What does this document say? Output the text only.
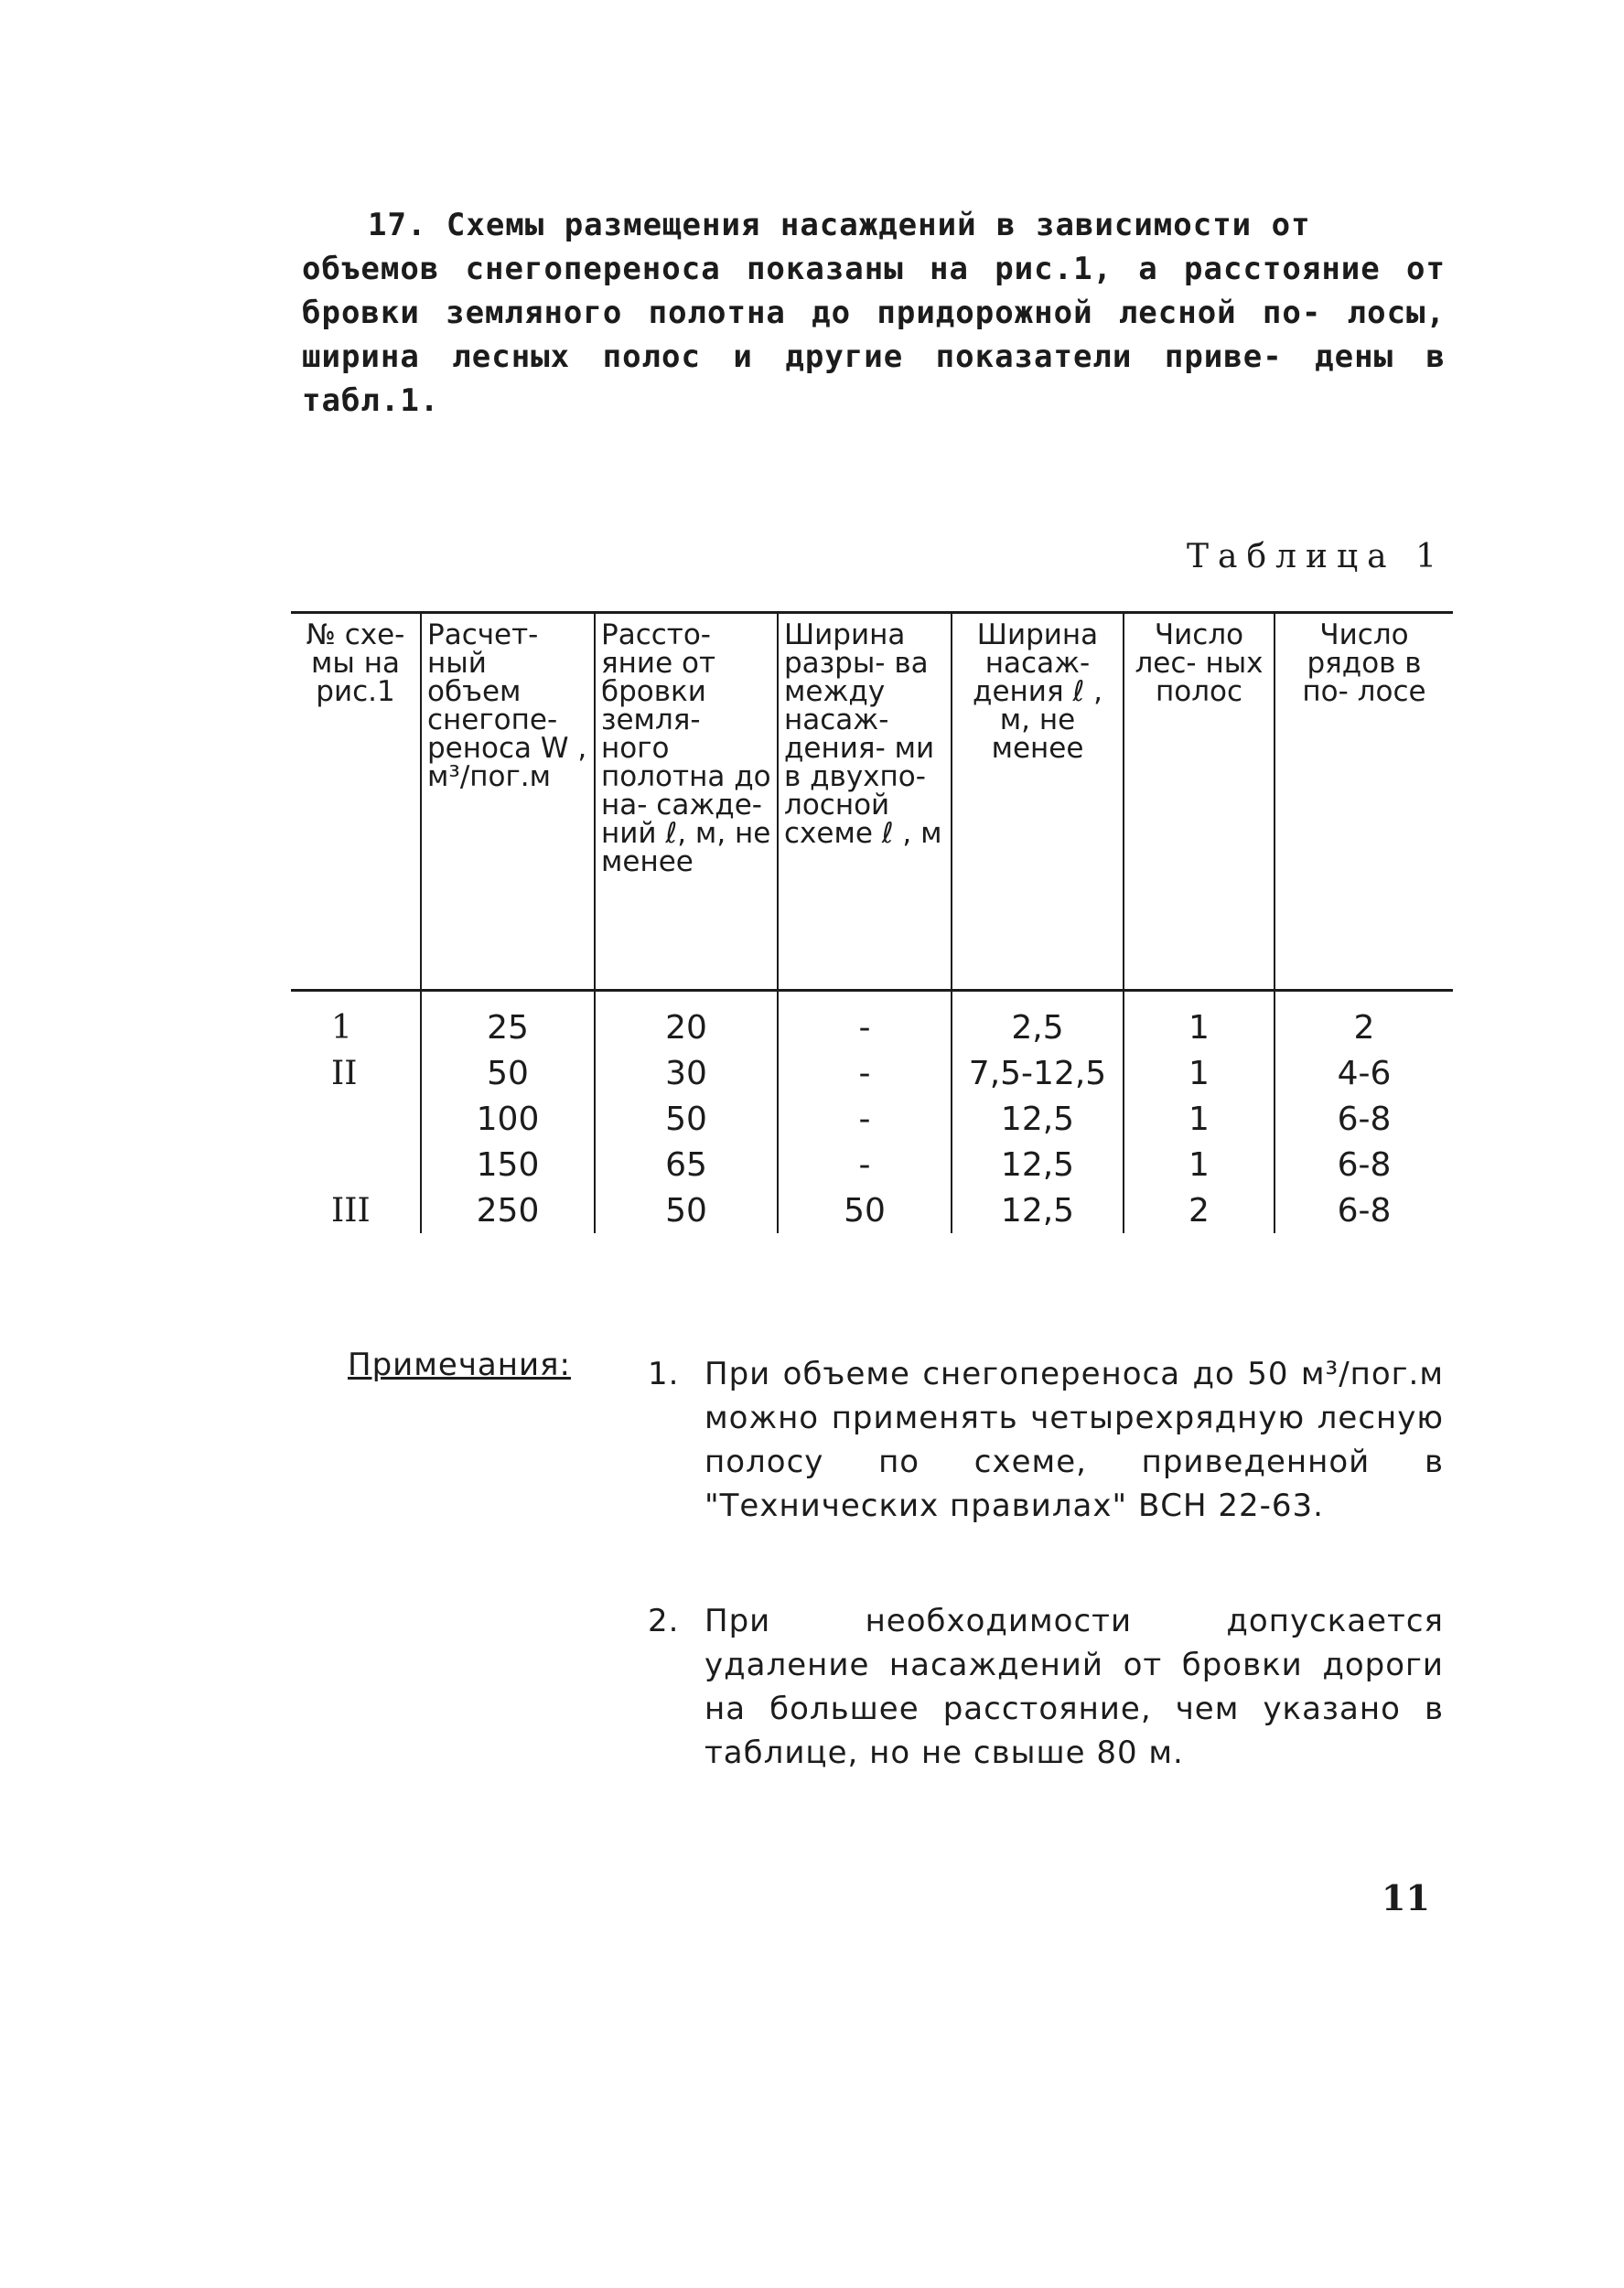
17. Схемы размещения насаждений в зависимости от
объемов снегопереноса показаны на рис.1, а расстояние от бровки земляного полотна до придорожной лесной по- лосы, ширина лесных полос и другие показатели приве- дены в табл.1.
Таблица 1
№ схе- мы на рис.1	Расчет- ный объем снегопе- реноса W , м³/пог.м	Рассто- яние от бровки земля- ного полотна до на- сажде- ний ℓ, м, не менее	Ширина разры- ва между насаж- дения- ми в двухпо- лосной схеме ℓ , м	Ширина насаж- дения ℓ , м, не менее	Число лес- ных полос	Число рядов в по- лосе
1	25	20	-	2,5	1	2
II	50	30	-	7,5-12,5	1	4-6
	100	50	-	12,5	1	6-8
	150	65	-	12,5	1	6-8
III	250	50	50	12,5	2	6-8
Примечания: 1. При объеме снегопереноса до 50 м³/пог.м можно применять четырехрядную лесную полосу по схеме, приведенной в "Технических правилах" ВСН 22-63.
2. При необходимости допускается удаление насаждений от бровки дороги на большее расстояние, чем указано в таблице, но не свыше 80 м.
11
